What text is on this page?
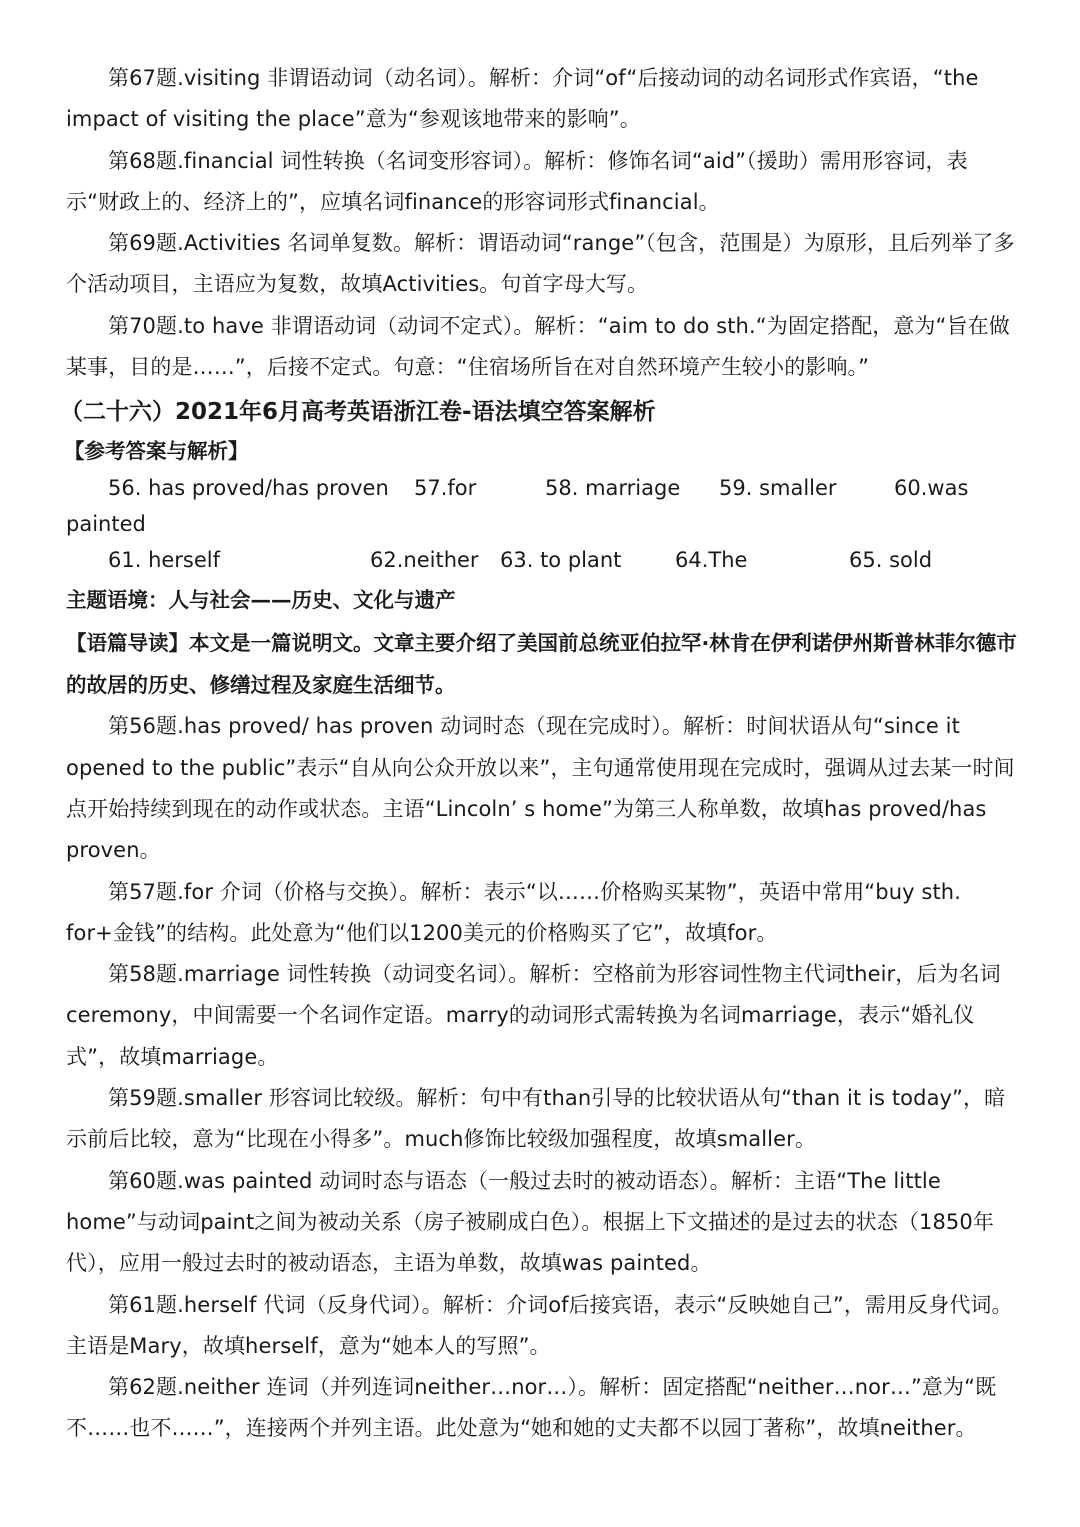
第67题.visiting 非谓语动词（动名词）。解析：介词“of“后接动词的动名词形式作宾语，“the impact of visiting the place”意为“参观该地带来的影响”。

第68题.financial 词性转换（名词变形容词）。解析：修饰名词“aid”（援助）需用形容词，表示“财政上的、经济上的”，应填名词finance的形容词形式financial。

第69题.Activities 名词单复数。解析：谓语动词“range”（包含，范围是）为原形，且后列举了多个活动项目，主语应为复数，故填Activities。句首字母大写。

第70题.to have 非谓语动词（动词不定式）。解析：“aim to do sth.“为固定搭配，意为“旨在做某事，目的是……”，后接不定式。句意：“住宿场所旨在对自然环境产生较小的影响。”

（二十六）2021年6月高考英语浙江卷-语法填空答案解析
【参考答案与解析】
56. has proved/has proven	57.for	58. marriage	59. smaller	60.was
painted
61. herself	62.neither	63. to plant	64.The	65. sold
主题语境：人与社会——历史、文化与遗产
【语篇导读】本文是一篇说明文。文章主要介绍了美国前总统亚伯拉罕·林肯在伊利诺伊州斯普林菲尔德市的故居的历史、修缮过程及家庭生活细节。

第56题.has proved/ has proven 动词时态（现在完成时）。解析：时间状语从句“since it opened to the public”表示“自从向公众开放以来”，主句通常使用现在完成时，强调从过去某一时间点开始持续到现在的动作或状态。主语“Lincoln’ s home”为第三人称单数，故填has proved/has proven。

第57题.for 介词（价格与交换）。解析：表示“以……价格购买某物”，英语中常用“buy sth. for+金钱”的结构。此处意为“他们以1200美元的价格购买了它”，故填for。

第58题.marriage 词性转换（动词变名词）。解析：空格前为形容词性物主代词their，后为名词ceremony，中间需要一个名词作定语。marry的动词形式需转换为名词marriage，表示“婚礼仪式”，故填marriage。

第59题.smaller 形容词比较级。解析：句中有than引导的比较状语从句“than it is today”，暗示前后比较，意为“比现在小得多”。much修饰比较级加强程度，故填smaller。

第60题.was painted 动词时态与语态（一般过去时的被动语态）。解析：主语“The little home”与动词paint之间为被动关系（房子被刷成白色）。根据上下文描述的是过去的状态（1850年代），应用一般过去时的被动语态，主语为单数，故填was painted。

第61题.herself 代词（反身代词）。解析：介词of后接宾语，表示“反映她自己”，需用反身代词。主语是Mary，故填herself，意为“她本人的写照”。

第62题.neither 连词（并列连词neither…nor…）。解析：固定搭配“neither…nor…”意为“既不……也不……”，连接两个并列主语。此处意为“她和她的丈夫都不以园丁著称”，故填neither。
